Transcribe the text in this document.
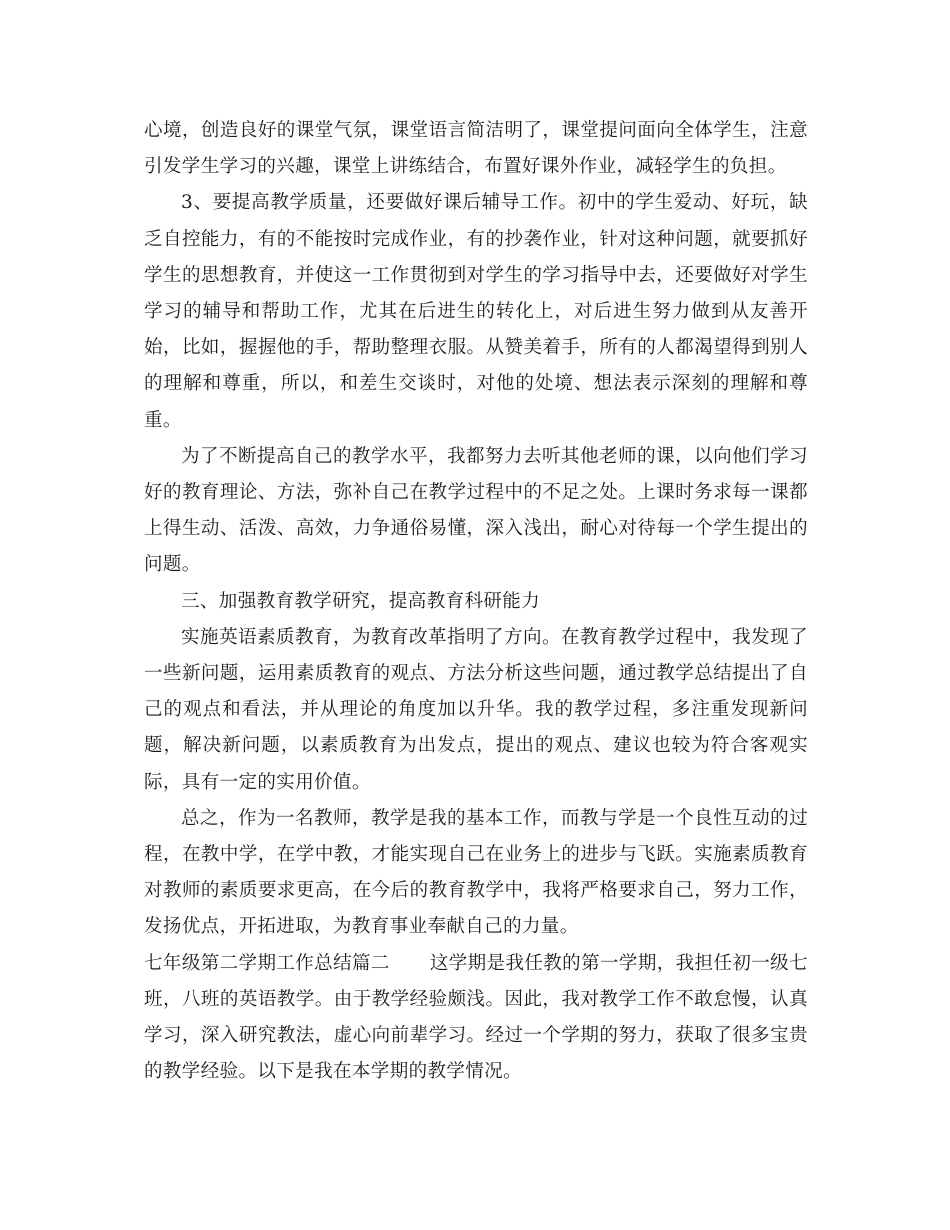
心境，创造良好的课堂气氛，课堂语言简洁明了，课堂提问面向全体学生，注意引发学生学习的兴趣，课堂上讲练结合，布置好课外作业，减轻学生的负担。

3、要提高教学质量，还要做好课后辅导工作。初中的学生爱动、好玩，缺乏自控能力，有的不能按时完成作业，有的抄袭作业，针对这种问题，就要抓好学生的思想教育，并使这一工作贯彻到对学生的学习指导中去，还要做好对学生学习的辅导和帮助工作，尤其在后进生的转化上，对后进生努力做到从友善开始，比如，握握他的手，帮助整理衣服。从赞美着手，所有的人都渴望得到别人的理解和尊重，所以，和差生交谈时，对他的处境、想法表示深刻的理解和尊重。

为了不断提高自己的教学水平，我都努力去听其他老师的课，以向他们学习好的教育理论、方法，弥补自己在教学过程中的不足之处。上课时务求每一课都上得生动、活泼、高效，力争通俗易懂，深入浅出，耐心对待每一个学生提出的问题。

三、加强教育教学研究，提高教育科研能力

实施英语素质教育，为教育改革指明了方向。在教育教学过程中，我发现了一些新问题，运用素质教育的观点、方法分析这些问题，通过教学总结提出了自己的观点和看法，并从理论的角度加以升华。我的教学过程，多注重发现新问题，解决新问题，以素质教育为出发点，提出的观点、建议也较为符合客观实际，具有一定的实用价值。

总之，作为一名教师，教学是我的基本工作，而教与学是一个良性互动的过程，在教中学，在学中教，才能实现自己在业务上的进步与飞跃。实施素质教育对教师的素质要求更高，在今后的教育教学中，我将严格要求自己，努力工作，发扬优点，开拓进取，为教育事业奉献自己的力量。

七年级第二学期工作总结篇二 这学期是我任教的第一学期，我担任初一级七班，八班的英语教学。由于教学经验颇浅。因此，我对教学工作不敢怠慢，认真学习，深入研究教法，虚心向前辈学习。经过一个学期的努力，获取了很多宝贵的教学经验。以下是我在本学期的教学情况。
